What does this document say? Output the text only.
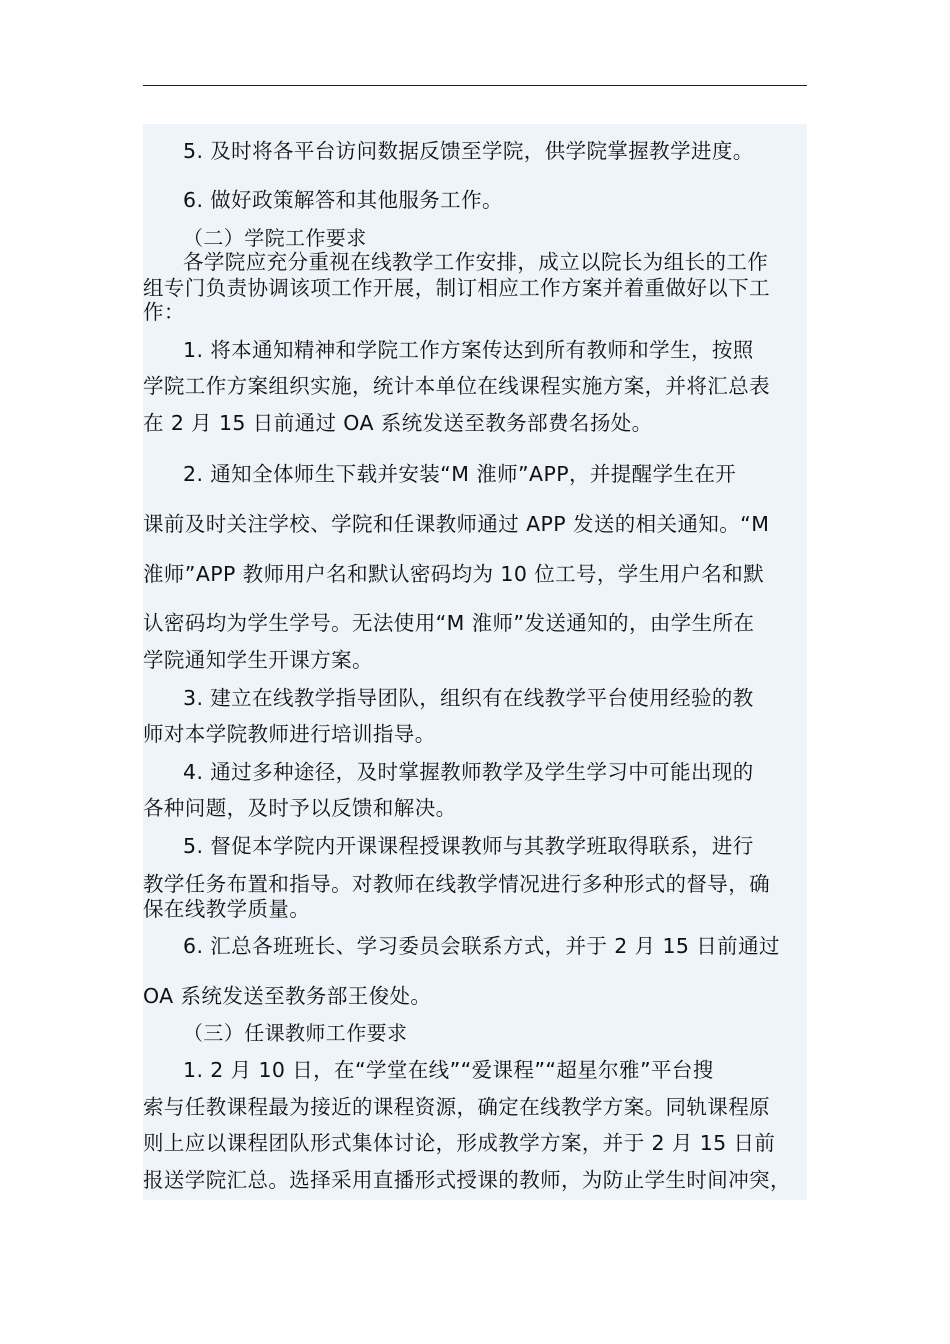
5. 及时将各平台访问数据反馈至学院，供学院掌握教学进度。
6. 做好政策解答和其他服务工作。
（二）学院工作要求
各学院应充分重视在线教学工作安排，成立以院长为组长的工作
组专门负责协调该项工作开展，制订相应工作方案并着重做好以下工
作：
1. 将本通知精神和学院工作方案传达到所有教师和学生，按照
学院工作方案组织实施，统计本单位在线课程实施方案，并将汇总表
在 2 月 15 日前通过 OA 系统发送至教务部费名扬处。
2. 通知全体师生下载并安装“M 淮师”APP，并提醒学生在开
课前及时关注学校、学院和任课教师通过 APP 发送的相关通知。“M
淮师”APP 教师用户名和默认密码均为 10 位工号，学生用户名和默
认密码均为学生学号。无法使用“M 淮师”发送通知的，由学生所在
学院通知学生开课方案。
3. 建立在线教学指导团队，组织有在线教学平台使用经验的教
师对本学院教师进行培训指导。
4. 通过多种途径，及时掌握教师教学及学生学习中可能出现的
各种问题，及时予以反馈和解决。
5. 督促本学院内开课课程授课教师与其教学班取得联系，进行
教学任务布置和指导。对教师在线教学情况进行多种形式的督导，确
保在线教学质量。
6. 汇总各班班长、学习委员会联系方式，并于 2 月 15 日前通过
OA 系统发送至教务部王俊处。
（三）任课教师工作要求
1. 2 月 10 日，在“学堂在线”“爱课程”“超星尔雅”平台搜
索与任教课程最为接近的课程资源，确定在线教学方案。同轨课程原
则上应以课程团队形式集体讨论，形成教学方案，并于 2 月 15 日前
报送学院汇总。选择采用直播形式授课的教师，为防止学生时间冲突，
